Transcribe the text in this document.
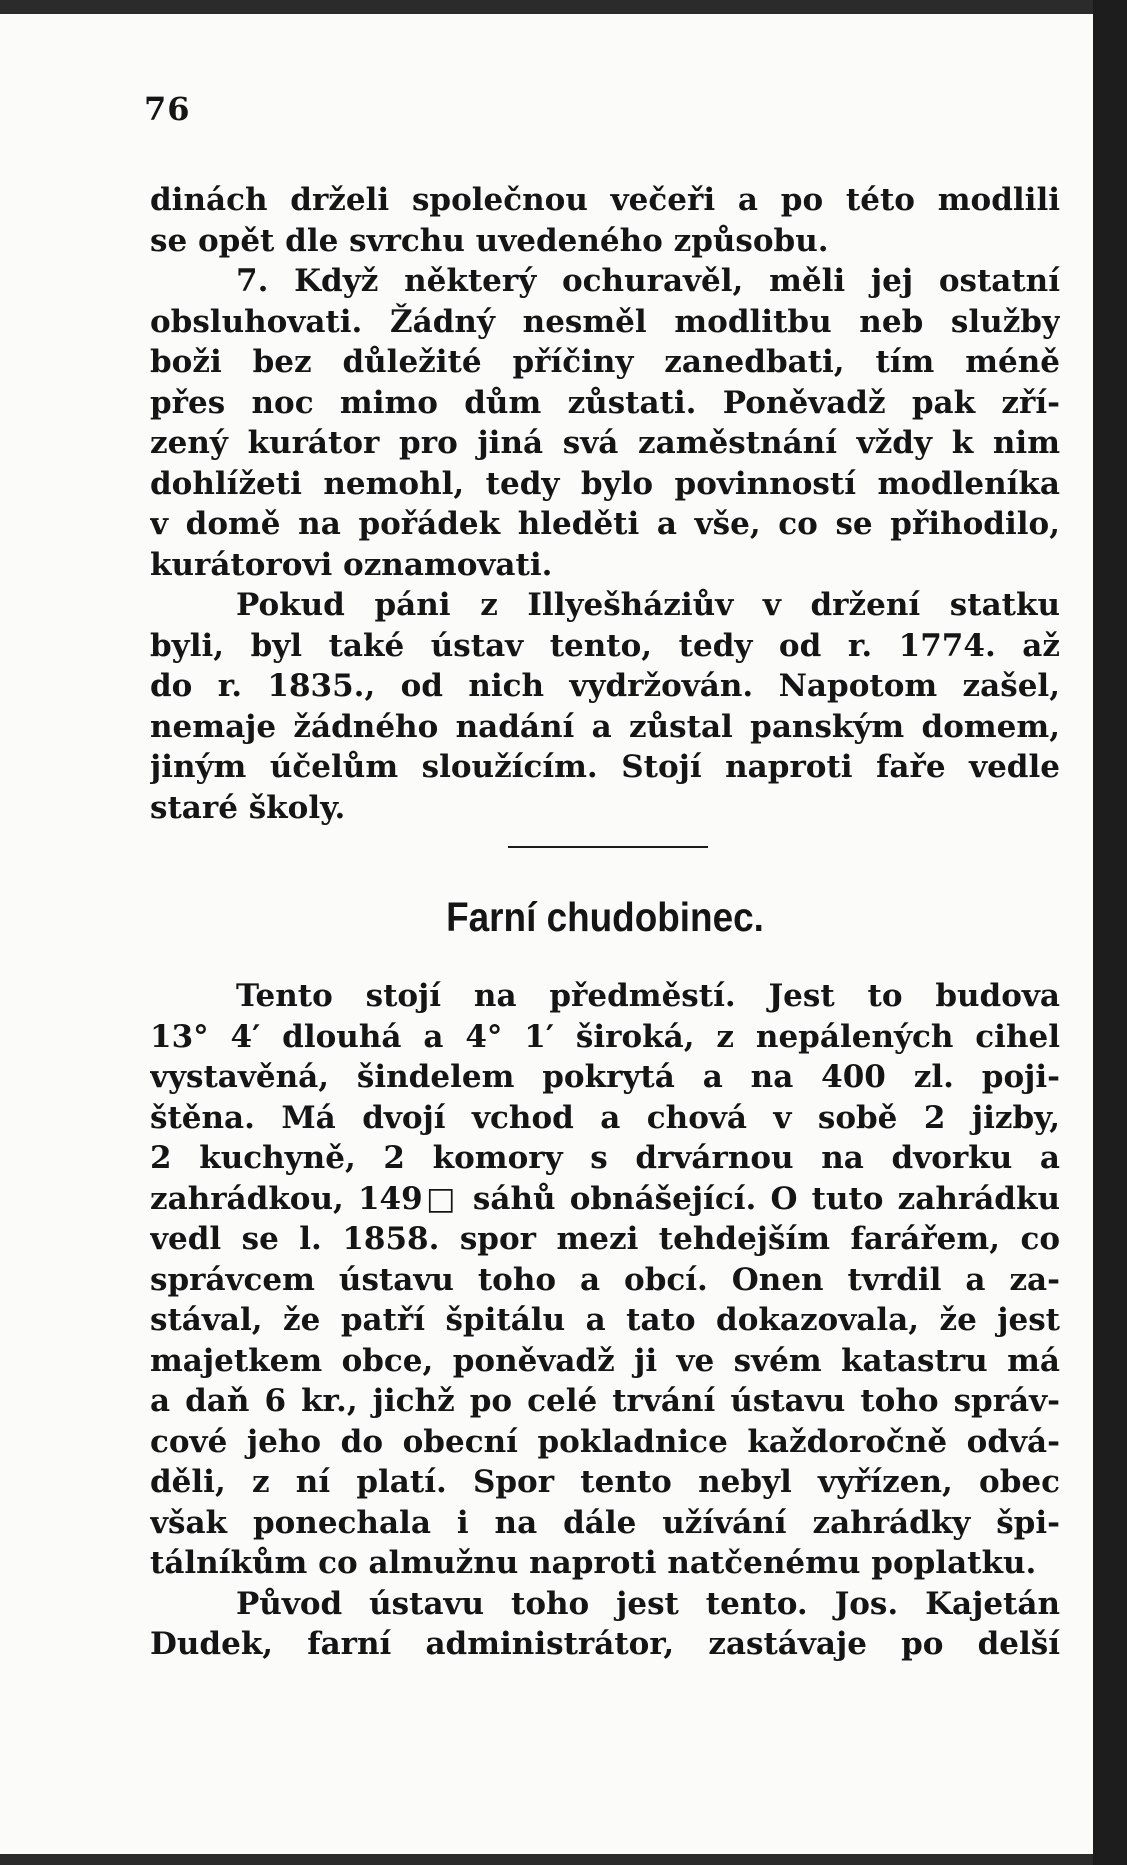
76
dinách drželi společnou večeři a po této modlili
se opět dle svrchu uvedeného způsobu.
7. Když některý ochuravěl, měli jej ostatní
obsluhovati. Žádný nesměl modlitbu neb služby
boži bez důležité příčiny zanedbati, tím méně
přes noc mimo dům zůstati. Poněvadž pak zří-
zený kurátor pro jiná svá zaměstnání vždy k nim
dohlížeti nemohl, tedy bylo povinností modleníka
v domě na pořádek hleděti a vše, co se přihodilo,
kurátorovi oznamovati.
Pokud páni z Illyešháziův v držení statku
byli, byl také ústav tento, tedy od r. 1774. až
do r. 1835., od nich vydržován. Napotom zašel,
nemaje žádného nadání a zůstal panským domem,
jiným účelům sloužícím. Stojí naproti faře vedle
staré školy.
Farní chudobinec.
Tento stojí na předměstí. Jest to budova
13° 4′ dlouhá a 4° 1′ široká, z nepálených cihel
vystavěná, šindelem pokrytá a na 400 zl. poji-
štěna. Má dvojí vchod a chová v sobě 2 jizby,
2 kuchyně, 2 komory s drvárnou na dvorku a
zahrádkou, 149□ sáhů obnášející. O tuto zahrádku
vedl se l. 1858. spor mezi tehdejším farářem, co
správcem ústavu toho a obcí. Onen tvrdil a za-
stával, že patří špitálu a tato dokazovala, že jest
majetkem obce, poněvadž ji ve svém katastru má
a daň 6 kr., jichž po celé trvání ústavu toho správ-
cové jeho do obecní pokladnice každoročně odvá-
děli, z ní platí. Spor tento nebyl vyřízen, obec
však ponechala i na dále užívání zahrádky špi-
tálníkům co almužnu naproti natčenému poplatku.
Původ ústavu toho jest tento. Jos. Kajetán
Dudek, farní administrátor, zastávaje po delší
